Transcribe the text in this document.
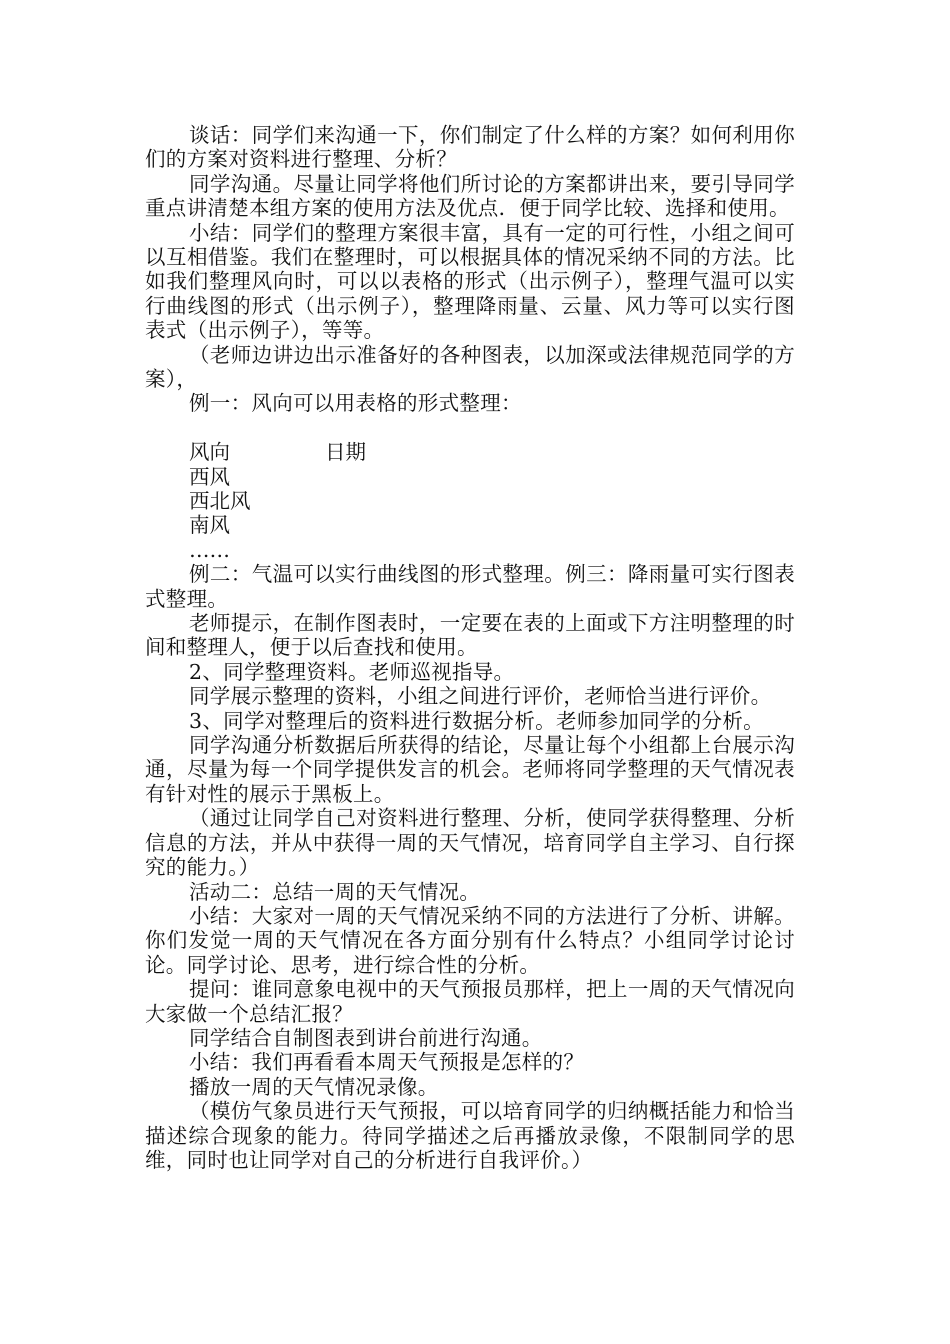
谈话：同学们来沟通一下，你们制定了什么样的方案？如何利用你们的方案对资料进行整理、分析？

同学沟通。尽量让同学将他们所讨论的方案都讲出来，要引导同学重点讲清楚本组方案的使用方法及优点．便于同学比较、选择和使用。

小结：同学们的整理方案很丰富，具有一定的可行性，小组之间可以互相借鉴。我们在整理时，可以根据具体的情况采纳不同的方法。比如我们整理风向时，可以以表格的形式（出示例子），整理气温可以实行曲线图的形式（出示例子），整理降雨量、云量、风力等可以实行图表式（出示例子），等等。

（老师边讲边出示准备好的各种图表，以加深或法律规范同学的方案），

例一：风向可以用表格的形式整理：

风向	日期
西风
西北风
南风
……

例二：气温可以实行曲线图的形式整理。例三：降雨量可实行图表式整理。

老师提示，在制作图表时，一定要在表的上面或下方注明整理的时间和整理人，便于以后查找和使用。

2、同学整理资料。老师巡视指导。

同学展示整理的资料，小组之间进行评价，老师恰当进行评价。

3、同学对整理后的资料进行数据分析。老师参加同学的分析。

同学沟通分析数据后所获得的结论，尽量让每个小组都上台展示沟通，尽量为每一个同学提供发言的机会。老师将同学整理的天气情况表有针对性的展示于黑板上。

（通过让同学自己对资料进行整理、分析，使同学获得整理、分析信息的方法，并从中获得一周的天气情况，培育同学自主学习、自行探究的能力。）

活动二：总结一周的天气情况。

小结：大家对一周的天气情况采纳不同的方法进行了分析、讲解。你们发觉一周的天气情况在各方面分别有什么特点？小组同学讨论讨论。同学讨论、思考，进行综合性的分析。

提问：谁同意象电视中的天气预报员那样，把上一周的天气情况向大家做一个总结汇报？

同学结合自制图表到讲台前进行沟通。

小结：我们再看看本周天气预报是怎样的？

播放一周的天气情况录像。

（模仿气象员进行天气预报，可以培育同学的归纳概括能力和恰当描述综合现象的能力。待同学描述之后再播放录像，不限制同学的思维，同时也让同学对自己的分析进行自我评价。）
